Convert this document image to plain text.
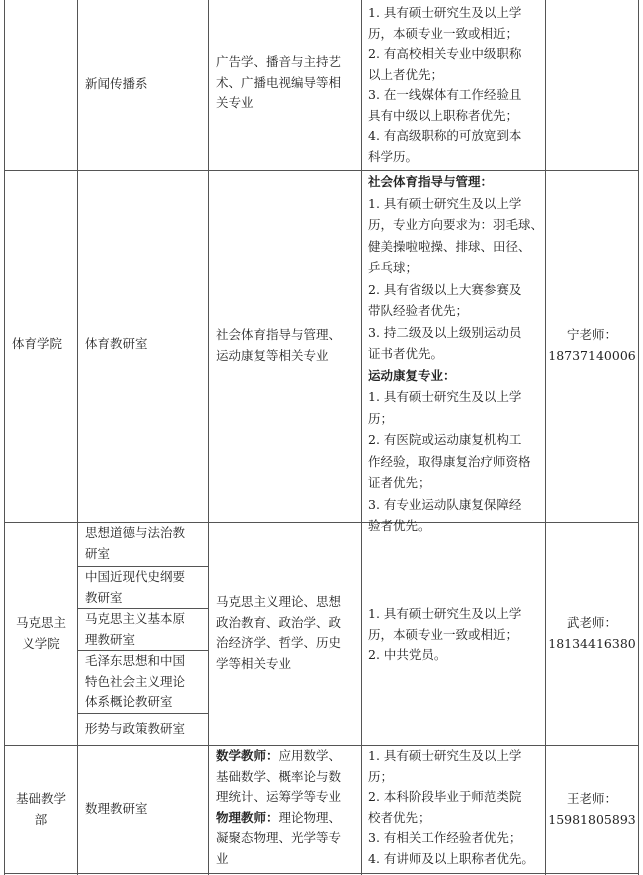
新闻传播系
广告学、播音与主持艺
术、广播电视编导等相
关专业
1. 具有硕士研究生及以上学
历，本硕专业一致或相近；
2. 有高校相关专业中级职称
以上者优先；
3. 在一线媒体有工作经验且
具有中级以上职称者优先；
4. 有高级职称的可放宽到本
科学历。
体育学院 体育教研室
社会体育指导与管理、
运动康复等相关专业
社会体育指导与管理：
1. 具有硕士研究生及以上学
历，专业方向要求为：羽毛球、
健美操啦啦操、排球、田径、
乒乓球；
2. 具有省级以上大赛参赛及
带队经验者优先；
3. 持二级及以上级别运动员
证书者优先。
运动康复专业：
1. 具有硕士研究生及以上学
历；
2. 有医院或运动康复机构工
作经验，取得康复治疗师资格
证者优先；
3. 有专业运动队康复保障经
验者优先。
宁老师：
18737140006
马克思主
义学院
思想道德与法治教
研室
中国近现代史纲要
教研室
马克思主义基本原
理教研室
毛泽东思想和中国
特色社会主义理论
体系概论教研室
形势与政策教研室
马克思主义理论、思想
政治教育、政治学、政
治经济学、哲学、历史
学等相关专业
1. 具有硕士研究生及以上学
历，本硕专业一致或相近；
2. 中共党员。
武老师：
18134416380
基础教学
部
数理教研室
数学教师：应用数学、
基础数学、概率论与数
理统计、运筹学等专业
物理教师：理论物理、
凝聚态物理、光学等专
业
1. 具有硕士研究生及以上学
历；
2. 本科阶段毕业于师范类院
校者优先；
3. 有相关工作经验者优先；
4. 有讲师及以上职称者优先。
王老师：
15981805893
